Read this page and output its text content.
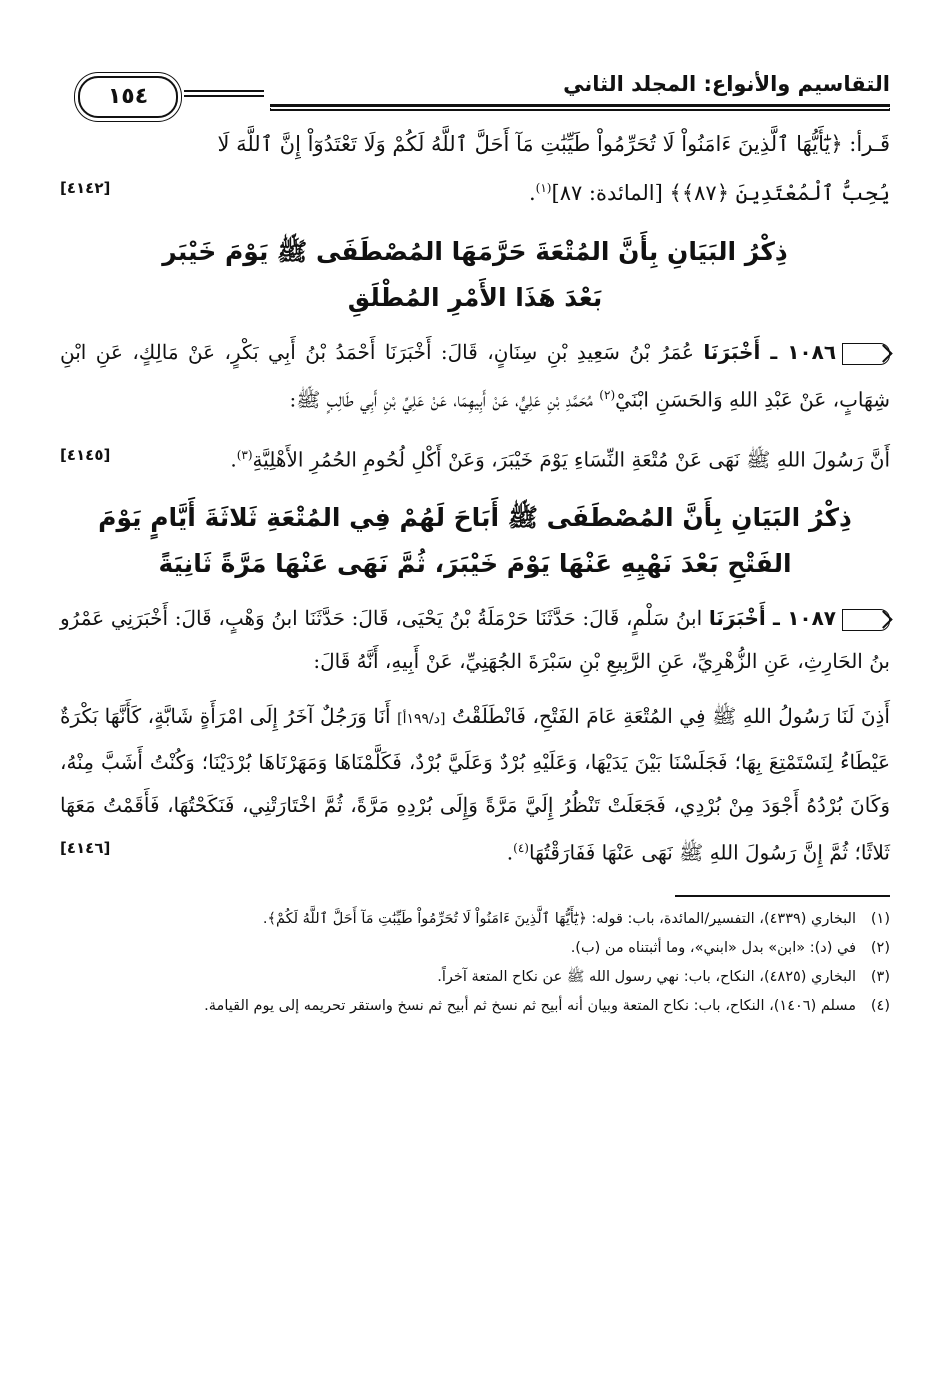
التقاسيم والأنواع: المجلد الثاني
١٥٤

قَـرأ: ﴿يَٰٓأَيُّهَا ٱلَّذِينَ ءَامَنُواْ لَا تُحَرِّمُواْ طَيِّبَٰتِ مَآ أَحَلَّ ٱللَّهُ لَكُمْ وَلَا تَعْتَدُوٓاْ إِنَّ ٱللَّهَ لَا

يُحِبُّ ٱلْمُعْتَدِينَ ﴿٨٧﴾﴾ [المائدة: ٨٧]$^{(١)}$.
[٤١٤٢]

ذِكْرُ البَيَانِ بِأَنَّ المُتْعَةَ حَرَّمَهَا المُصْطَفَى ﷺ يَوْمَ خَيْبَر
بَعْدَ هَذَا الأَمْرِ المُطْلَقِ

١٠٨٦ ـ أَخْبَرَنَا عُمَرُ بْنُ سَعِيدِ بْنِ سِنَانٍ، قَالَ: أَخْبَرَنَا أَحْمَدُ بْنُ أَبِي بَكْرٍ، عَنْ مَالِكٍ، عَنِ ابْنِ شِهَابٍ، عَنْ عَبْدِ اللهِ وَالحَسَنِ ابْنَيْ$^{(٢)}$ مُحَمَّدِ بْنِ عَلِيٍّ، عَنْ أَبِيهِمَا، عَنْ عَلِيِّ بْنِ أَبِي طَالِبٍ ﷺ:

أَنَّ رَسُولَ اللهِ ﷺ نَهَى عَنْ مُتْعَةِ النِّسَاءِ يَوْمَ خَيْبَرَ، وَعَنْ أَكْلِ لُحُومِ الحُمُرِ الأَهْلِيَّةِ$^{(٣)}$.
[٤١٤٥]

ذِكْرُ البَيَانِ بِأَنَّ المُصْطَفَى ﷺ أَبَاحَ لَهُمْ فِي المُتْعَةِ ثَلاثَةَ أَيَّامٍ يَوْمَ
الفَتْحِ بَعْدَ نَهْيِهِ عَنْهَا يَوْمَ خَيْبَرَ، ثُمَّ نَهَى عَنْهَا مَرَّةً ثَانِيَةً

١٠٨٧ ـ أَخْبَرَنَا ابنُ سَلْمٍ، قَالَ: حَدَّثَنَا حَرْمَلَةُ بْنُ يَحْيَى، قَالَ: حَدَّثَنَا ابنُ وَهْبٍ، قَالَ: أَخْبَرَنِي عَمْرُو بنُ الحَارِثِ، عَنِ الزُّهْرِيِّ، عَنِ الرَّبِيعِ بْنِ سَبْرَةَ الجُهَنِيِّ، عَنْ أَبِيهِ، أَنَّهُ قَالَ:

أَذِنَ لَنَا رَسُولُ اللهِ ﷺ فِي المُتْعَةِ عَامَ الفَتْحِ، فَانْطَلَقْتُ [د/١٩٩أ] أَنَا وَرَجُلٌ آخَرُ إِلَى امْرَأَةٍ شَابَّةٍ، كَأَنَّهَا بَكْرَةٌ عَيْطَاءُ لِنَسْتَمْتِعَ بِهَا؛ فَجَلَسْنَا بَيْنَ يَدَيْهَا، وَعَلَيْهِ بُرْدٌ وَعَلَيَّ بُرْدٌ، فَكَلَّمْنَاهَا وَمَهَرْنَاهَا بُرْدَيْنَا؛ وَكُنْتُ أَشَبَّ مِنْهُ، وَكَانَ بُرْدُهُ أَجْوَدَ مِنْ بُرْدِي، فَجَعَلَتْ تَنْظُرُ إِلَيَّ مَرَّةً وَإِلَى بُرْدِهِ مَرَّةً، ثُمَّ اخْتَارَتْنِي، فَنَكَحْتُهَا، فَأَقَمْتُ مَعَهَا ثَلاثًا؛ ثُمَّ إِنَّ رَسُولَ اللهِ ﷺ نَهَى عَنْهَا فَفَارَقْتُهَا$^{(٤)}$.
[٤١٤٦]

(١)
البخاري (٤٣٣٩)، التفسير/المائدة، باب: قوله: ﴿يَٰٓأَيُّهَا ٱلَّذِينَ ءَامَنُواْ لَا تُحَرِّمُواْ طَيِّبَٰتِ مَآ أَحَلَّ ٱللَّهُ لَكُمْ﴾.
(٢)
في (د): «ابن» بدل «ابني»، وما أثبتناه من (ب).
(٣)
البخاري (٤٨٢٥)، النكاح، باب: نهي رسول الله ﷺ عن نكاح المتعة آخراً.
(٤)
مسلم (١٤٠٦)، النكاح، باب: نكاح المتعة وبيان أنه أبيح ثم نسخ ثم أبيح ثم نسخ واستقر تحريمه إلى يوم القيامة.
